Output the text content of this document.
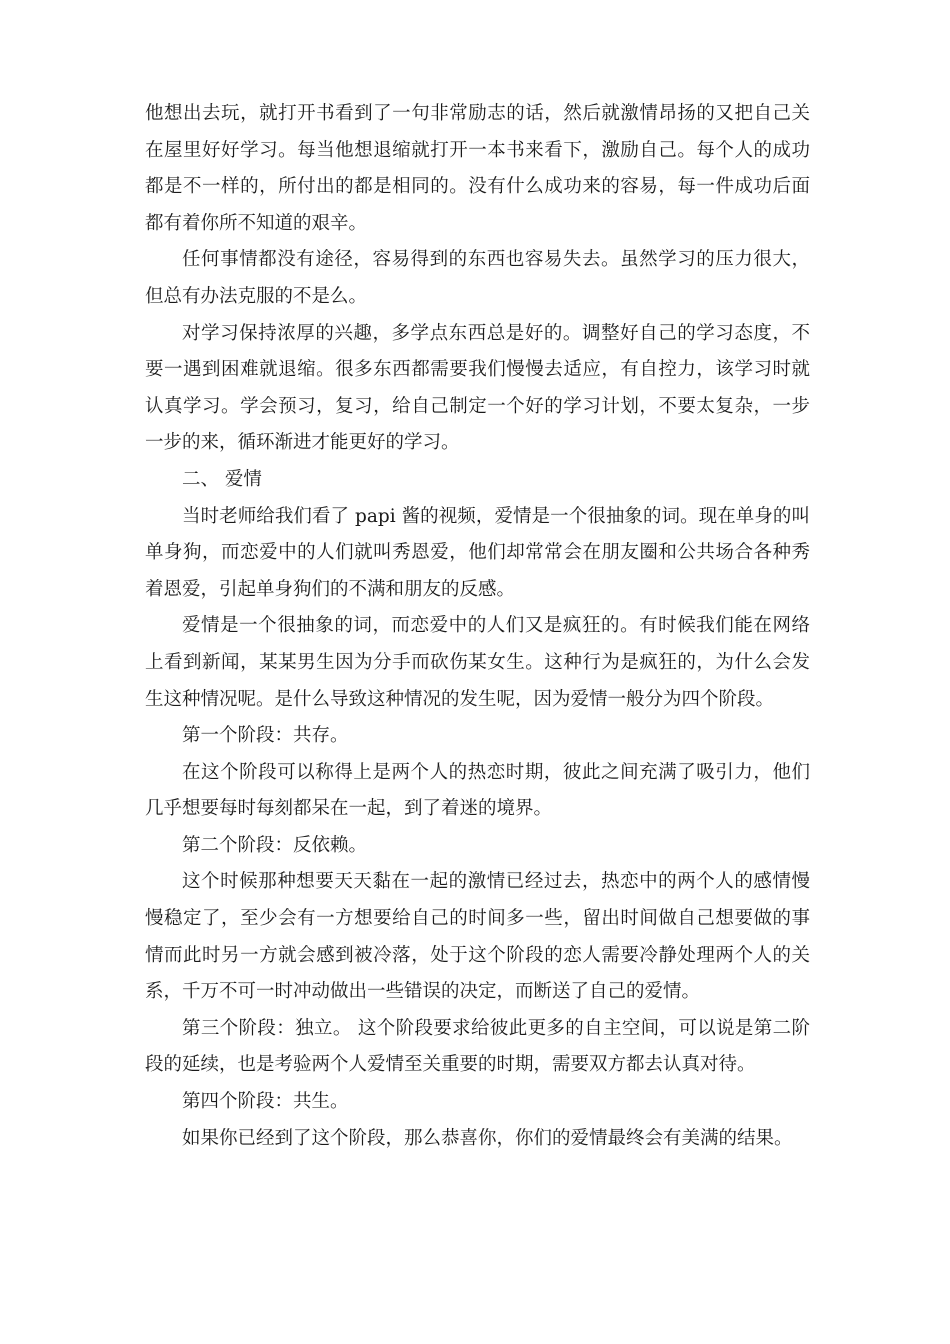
他想出去玩，就打开书看到了一句非常励志的话，然后就激情昂扬的又把自己关在屋里好好学习。每当他想退缩就打开一本书来看下，激励自己。每个人的成功都是不一样的，所付出的都是相同的。没有什么成功来的容易，每一件成功后面都有着你所不知道的艰辛。

任何事情都没有途径，容易得到的东西也容易失去。虽然学习的压力很大，但总有办法克服的不是么。

对学习保持浓厚的兴趣，多学点东西总是好的。调整好自己的学习态度，不要一遇到困难就退缩。很多东西都需要我们慢慢去适应，有自控力，该学习时就认真学习。学会预习，复习，给自己制定一个好的学习计划，不要太复杂，一步一步的来，循环渐进才能更好的学习。

二、 爱情

当时老师给我们看了 papi 酱的视频，爱情是一个很抽象的词。现在单身的叫单身狗，而恋爱中的人们就叫秀恩爱，他们却常常会在朋友圈和公共场合各种秀着恩爱，引起单身狗们的不满和朋友的反感。

爱情是一个很抽象的词，而恋爱中的人们又是疯狂的。有时候我们能在网络上看到新闻，某某男生因为分手而砍伤某女生。这种行为是疯狂的，为什么会发生这种情况呢。是什么导致这种情况的发生呢，因为爱情一般分为四个阶段。

第一个阶段：共存。

在这个阶段可以称得上是两个人的热恋时期，彼此之间充满了吸引力，他们几乎想要每时每刻都呆在一起，到了着迷的境界。

第二个阶段：反依赖。

这个时候那种想要天天黏在一起的激情已经过去，热恋中的两个人的感情慢慢稳定了，至少会有一方想要给自己的时间多一些，留出时间做自己想要做的事情而此时另一方就会感到被冷落，处于这个阶段的恋人需要冷静处理两个人的关系，千万不可一时冲动做出一些错误的决定，而断送了自己的爱情。

第三个阶段：独立。 这个阶段要求给彼此更多的自主空间，可以说是第二阶段的延续，也是考验两个人爱情至关重要的时期，需要双方都去认真对待。

第四个阶段：共生。

如果你已经到了这个阶段，那么恭喜你，你们的爱情最终会有美满的结果。
